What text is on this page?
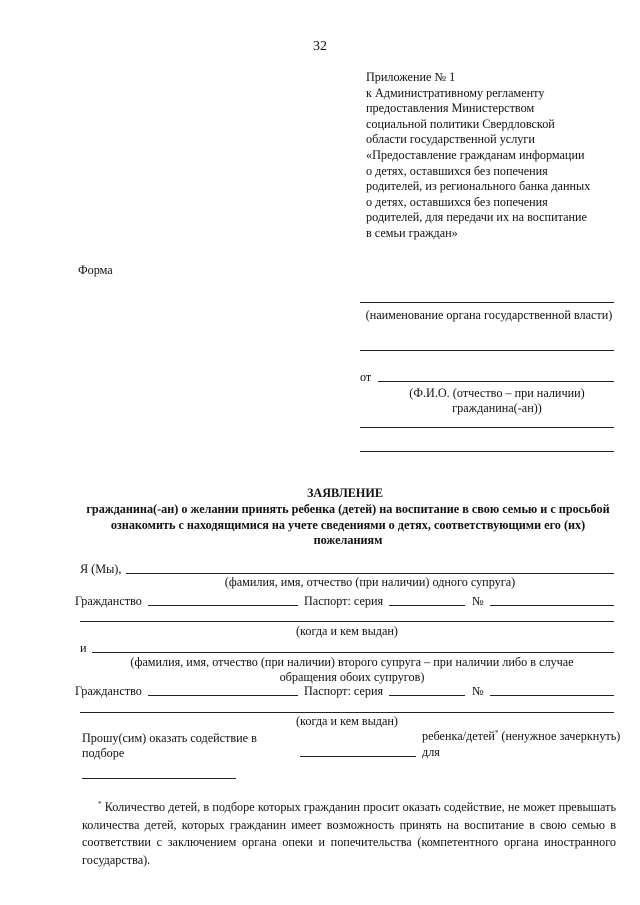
32
Приложение № 1
к Административному регламенту
предоставления Министерством
социальной политики Свердловской
области государственной услуги
«Предоставление гражданам информации
о детях, оставшихся без попечения
родителей, из регионального банка данных
о детях, оставшихся без попечения
родителей, для передачи их на воспитание
в семьи граждан»
Форма
(наименование органа государственной власти)
от
(Ф.И.О. (отчество – при наличии) гражданина(-ан))
ЗАЯВЛЕНИЕ
гражданина(-ан) о желании принять ребенка (детей) на воспитание в свою семью и с просьбой ознакомить с находящимися на учете сведениями о детях, соответствующими его (их) пожеланиям
Я (Мы),
(фамилия, имя, отчество (при наличии) одного супруга)
Гражданство	Паспорт: серия	№
(когда и кем выдан)
и
(фамилия, имя, отчество (при наличии) второго супруга – при наличии либо в случае обращения обоих супругов)
Гражданство	Паспорт: серия	№
(когда и кем выдан)
Прошу(сим) оказать содействие в подборе
ребенка/детей* (ненужное зачеркнуть)
для
* Количество детей, в подборе которых гражданин просит оказать содействие, не может превышать количества детей, которых гражданин имеет возможность принять на воспитание в свою семью в соответствии с заключением органа опеки и попечительства (компетентного органа иностранного государства).
